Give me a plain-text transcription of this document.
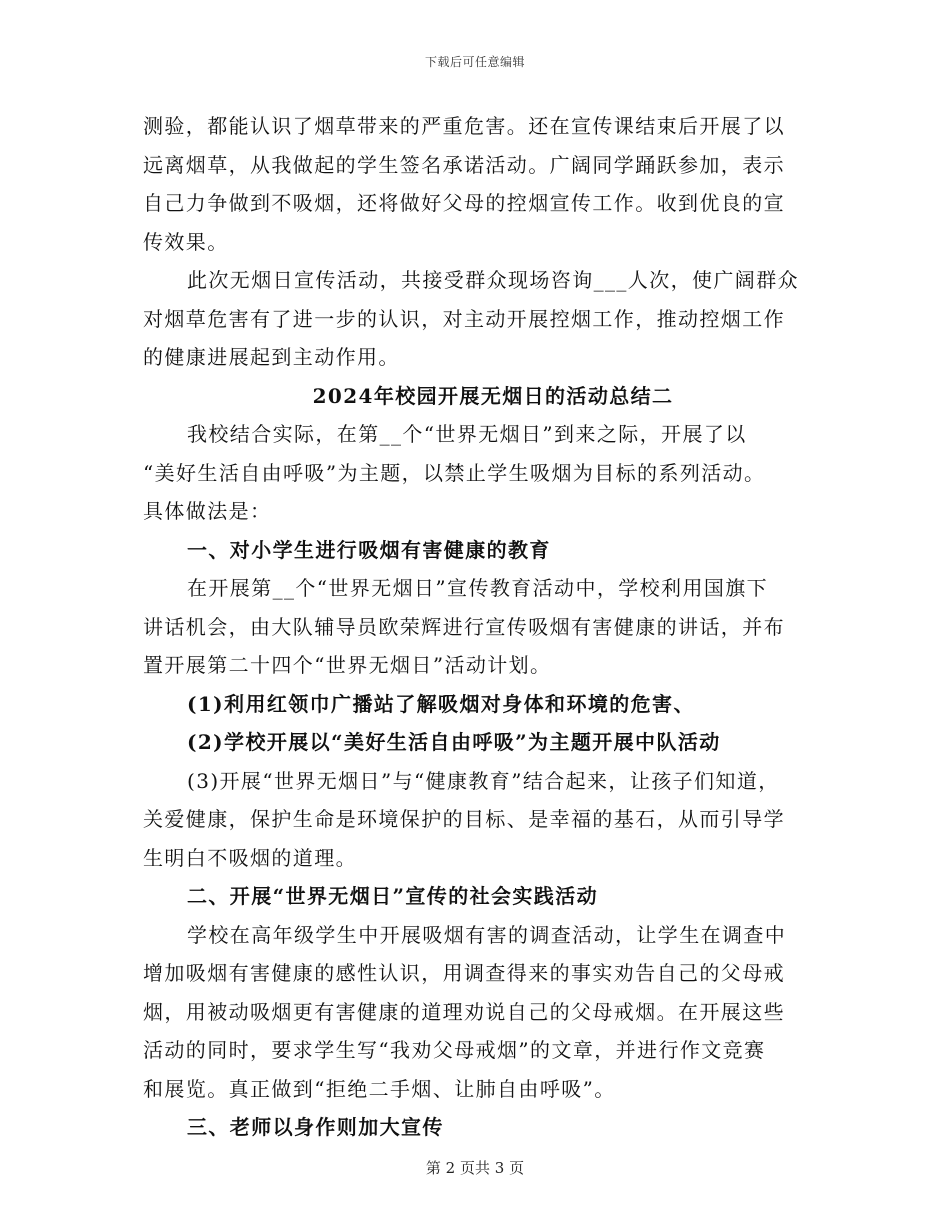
下载后可任意编辑
测验，都能认识了烟草带来的严重危害。还在宣传课结束后开展了以
远离烟草，从我做起的学生签名承诺活动。广阔同学踊跃参加，表示
自己力争做到不吸烟，还将做好父母的控烟宣传工作。收到优良的宣
传效果。
此次无烟日宣传活动，共接受群众现场咨询___人次，使广阔群众
对烟草危害有了进一步的认识，对主动开展控烟工作，推动控烟工作
的健康进展起到主动作用。
2024年校园开展无烟日的活动总结二
我校结合实际，在第__个“世界无烟日”到来之际，开展了以
“美好生活自由呼吸”为主题，以禁止学生吸烟为目标的系列活动。
具体做法是：
一、对小学生进行吸烟有害健康的教育
在开展第__个“世界无烟日”宣传教育活动中，学校利用国旗下
讲话机会，由大队辅导员欧荣辉进行宣传吸烟有害健康的讲话，并布
置开展第二十四个“世界无烟日”活动计划。
(1)利用红领巾广播站了解吸烟对身体和环境的危害、
(2)学校开展以“美好生活自由呼吸”为主题开展中队活动
(3)开展“世界无烟日”与“健康教育”结合起来，让孩子们知道，
关爱健康，保护生命是环境保护的目标、是幸福的基石，从而引导学
生明白不吸烟的道理。
二、开展“世界无烟日”宣传的社会实践活动
学校在高年级学生中开展吸烟有害的调查活动，让学生在调查中
增加吸烟有害健康的感性认识，用调查得来的事实劝告自己的父母戒
烟，用被动吸烟更有害健康的道理劝说自己的父母戒烟。在开展这些
活动的同时，要求学生写“我劝父母戒烟”的文章，并进行作文竞赛
和展览。真正做到“拒绝二手烟、让肺自由呼吸”。
三、老师以身作则加大宣传
第 2 页共 3 页
